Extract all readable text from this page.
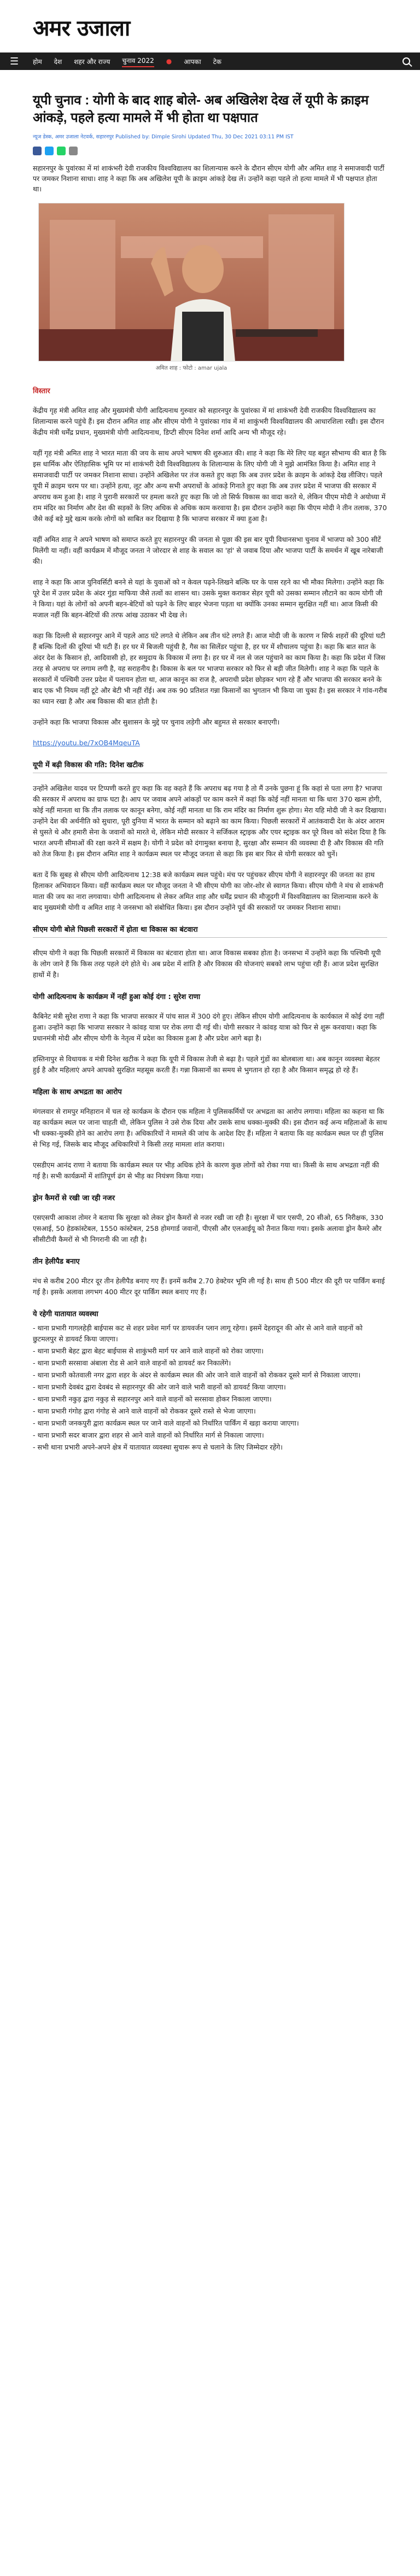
अमर उजाला
☰	होम देश शहर और राज्य चुनाव 2022 ● आपका टेक
यूपी चुनाव : योगी के बाद शाह बोले- अब अखिलेश देख लें यूपी के क्राइम आंकड़े, पहले हत्या मामले में भी होता था पक्षपात
न्यूज डेस्क, अमर उजाला नेटवर्क, सहारनपुर Published by: Dimple Sirohi Updated Thu, 30 Dec 2021 03:11 PM IST

सहारनपुर के पुवांरका में मां शाकंभरी देवी राजकीय विश्वविद्यालय का शिलान्यास करने के दौरान सीएम योगी और अमित शाह ने समाजवादी पार्टी पर जमकर निशाना साधा। शाह ने कहा कि अब अखिलेश यूपी के क्राइम आंकड़े देख लें। उन्होंने कहा पहले तो हत्या मामले में भी पक्षपात होता था।

अमित शाह : फोटो : amar ujala
विस्तार

केंद्रीय गृह मंत्री अमित शाह और मुख्यमंत्री योगी आदित्यनाथ गुरुवार को सहारनपुर के पुवांरका में मां शाकंभरी देवी राजकीय विश्वविद्यालय का शिलान्यास करने पहुंचे हैं। इस दौरान अमित शाह और सीएम योगी ने पुवांरका गांव में मां शाकुंभरी विश्वविद्यालय की आधारशिला रखी। इस दौरान केंद्रीय मंत्री धर्मेंद्र प्रधान, मुख्यमंत्री योगी आदित्यनाथ, डिप्टी सीएम दिनेश शर्मा आदि अन्य भी मौजूद रहे।

यहीं गृह मंत्री अमित शाह ने भारत माता की जय के साथ अपने भाषण की शुरुआत की। शाह ने कहा कि मेरे लिए यह बहुत सौभाग्य की बात है कि इस धार्मिक और ऐतिहासिक भूमि पर मां शाकंभरी देवी विश्वविद्यालय के शिलान्यास के लिए योगी जी ने मुझे आमंत्रित किया है। अमित शाह ने समाजवादी पार्टी पर जमकर निशाना साधा। उन्होंने अखिलेश पर तंज कसते हुए कहा कि अब उत्तर प्रदेश के क्राइम के आंकड़े देख लीजिए। पहले यूपी में क्राइम चरम पर था। उन्होंने हत्या, लूट और अन्य सभी अपराधों के आंकड़े गिनाते हुए कहा कि अब उत्तर प्रदेश में भाजपा की सरकार में अपराध कम हुआ है। शाह ने पुरानी सरकारों पर हमला करते हुए कहा कि जो तो सिर्फ विकास का वादा करते थे, लेकिन पीएम मोदी ने अयोध्या में राम मंदिर का निर्माण और देश की सड़कों के लिए अधिक से अधिक काम करवाया है। इस दौरान उन्होंने कहा कि पीएम मोदी ने तीन तलाक, 370 जैसे कई बड़े मुद्दे खत्म करके लोगों को साबित कर दिखाया है कि भाजपा सरकार में क्या हुआ है।

वहीं अमित शाह ने अपने भाषण को समाप्त करते हुए सहारनपुर की जनता से पूछा की इस बार यूपी विधानसभा चुनाव में भाजपा को 300 सीटें मिलेंगी या नहीं। वहीं कार्यक्रम में मौजूद जनता ने जोरदार से शाह के सवाल का 'हां' से जवाब दिया और भाजपा पार्टी के समर्थन में खूब नारेबाजी की।

शाह ने कहा कि आज युनिवर्सिटी बनने से यहां के युवाओं को न केवल पढ़ने-लिखने बल्कि घर के पास रहने का भी मौका मिलेगा। उन्होंने कहा कि पूरे देश में उत्तर प्रदेश के अंदर गुंडा माफिया जैसे तत्वों का शासन था। उसके मुक्त कराकर सेहर यूपी को उसका सम्मान लौटाने का काम योगी जी ने किया। यहां के लोगों को अपनी बहन-बेटियों को पढ़ने के लिए बाहर भेजना पड़ता था क्योंकि उनका सम्मान सुरक्षित नहीं था। आज किसी की मजाल नहीं कि बहन-बेटियों की तरफ आंख उठाकर भी देख ले।

कहा कि दिल्ली से सहारनपुर आने में पहले आठ घंटे लगते थे लेकिन अब तीन घंटे लगते हैं। आज मोदी जी के कारण न सिर्फ शहरों की दूरियां घटी हैं बल्कि दिलों की दूरियां भी घटी हैं। हर घर में बिजली पहुंची है, गैस का सिलेंडर पहुंचा है, हर घर में शौचालय पहुंचा है। कहा कि बात सात के अंदर देश के किसान हो, आदिवासी हो, हर समुदाय के विकास में लगा है। हर घर में नल से जल पहुंचाने का काम किया है। कहा कि प्रदेश में जिस तरह से अपराध पर लगाम लगी है, वह सराहनीय है। विकास के बल पर भाजपा सरकार को फिर से बड़ी जीत मिलेगी। शाह ने कहा कि पहले के सरकारों में पश्चिमी उत्तर प्रदेश में पलायन होता था, आज कानून का राज है, अपराधी प्रदेश छोड़कर भाग रहे हैं और भाजपा की सरकार बनने के बाद एक भी नियम नहीं टूटे और बेटी भी नहीं रोंई। अब तक 90 प्रतिशत गन्ना किसानों का भुगतान भी किया जा चुका है। इस सरकार ने गांव-गरीब का ध्यान रखा है और अब विकास की बात होती है।

उन्होंने कहा कि भाजपा विकास और सुशासन के मुद्दे पर चुनाव लड़ेगी और बहुमत से सरकार बनाएगी।

https://youtu.be/7xOB4MqeuTA

यूपी में बढ़ी विकास की गति: दिनेश खटीक

उन्होंने अखिलेश यादव पर टिप्पणी करते हुए कहा कि वह कहते हैं कि अपराध बढ़ गया है तो मैं उनके पुछना हूं कि कहां से पता लगा है? भाजपा की सरकार में अपराध का ग्राफ घटा है। आप पर जवाब अपने आंकड़ों पर काम करने में कहां कि कोई नहीं मानता था कि धारा 370 खत्म होगी, कोई नहीं मानता था कि तीन तलाक पर कानून बनेगा, कोई नहीं मानता था कि राम मंदिर का निर्माण शुरू होगा। मेरा यहि मोदी जी ने कर दिखाया। उन्होंने देश की अर्थनीति को सुधारा, पूरी दुनिया में भारत के सम्मान को बढ़ाने का काम किया। पिछली सरकारों में आतंकवादी देश के अंदर आराम से घुसते थे और हमारी सेना के जवानों को मारते थे, लेकिन मोदी सरकार ने सर्जिकल स्ट्राइक और एयर स्ट्राइक कर पूरे विश्व को संदेश दिया है कि भारत अपनी सीमाओं की रक्षा करने में सक्षम है। योगी ने प्रदेश को दंगामुक्त बनाया है, सुरक्षा और सम्मान की व्यवस्था दी है और विकास की गति को तेज किया है। इस दौरान अमित शाह ने कार्यक्रम स्थल पर मौजूद जनता से कहा कि इस बार फिर से योगी सरकार को चुनें।

बता दें कि सुबह से सीएम योगी आदित्यनाथ 12:38 बजे कार्यक्रम स्थल पहुंचे। मंच पर पहुंचकर सीएम योगी ने सहारनपुर की जनता का हाथ हिलाकर अभिवादन किया। वहीं कार्यक्रम स्थल पर मौजूद जनता ने भी सीएम योगी का जोर-शोर से स्वागत किया। सीएम योगी ने मंच से शाकंभरी माता की जय का नारा लगवाया। योगी आदित्यनाथ से लेकर अमित शाह और धर्मेंद्र प्रधान की मौजूदगी में विश्वविद्यालय का शिलान्यास करने के बाद मुख्यमंत्री योगी व अमित शाह ने जनसभा को संबोधित किया। इस दौरान उन्होंने पूर्व की सरकारों पर जमकर निशाना साधा।

सीएम योगी बोले पिछली सरकारों में होता था विकास का बंटवारा

सीएम योगी ने कहा कि पिछली सरकारों में विकास का बंटवारा होता था। आज विकास सबका होता है। जनसभा में उन्होंने कहा कि पश्चिमी यूपी के लोग जाने हैं कि किस तरह पहले दंगे होते थे। अब प्रदेश में शांति है और विकास की योजनाएं सबको लाभ पहुंचा रही हैं। आज प्रदेश सुरक्षित हाथों में है।

योगी आदित्यनाथ के कार्यक्रम में नहीं हुआ कोई दंगा : सुरेश राणा

कैबिनेट मंत्री सुरेश राणा ने कहा कि भाजपा सरकार में पांच साल में 300 दंगे हुए। लेकिन सीएम योगी आदित्यनाथ के कार्यकाल में कोई दंगा नहीं हुआ। उन्होंने कहा कि भाजपा सरकार ने कांवड़ यात्रा पर रोक लगा दी गई थी। योगी सरकार ने कांवड़ यात्रा को फिर से शुरू करवाया। कहा कि प्रधानमंत्री मोदी और सीएम योगी के नेतृत्व में प्रदेश का विकास हुआ है और प्रदेश आगे बढ़ा है।

हस्तिनापुर से विधायक व मंत्री दिनेश खटीक ने कहा कि यूपी में विकास तेजी से बढ़ा है। पहले गुंडों का बोलबाला था। अब कानून व्यवस्था बेहतर हुई है और महिलाएं अपने आपको सुरक्षित महसूस करती हैं। गन्ना किसानों का समय से भुगतान हो रहा है और किसान समृद्ध हो रहे हैं।

महिला के साथ अभद्रता का आरोप

मंगलवार से रामपुर मनिहारान में चल रहे कार्यक्रम के दौरान एक महिला ने पुलिसकर्मियों पर अभद्रता का आरोप लगाया। महिला का कहना था कि वह कार्यक्रम स्थल पर जाना चाहती थी, लेकिन पुलिस ने उसे रोक दिया और उसके साथ धक्का-मुक्की की। इस दौरान कई अन्य महिलाओं के साथ भी धक्का-मुक्की होने का आरोप लगा है। अधिकारियों ने मामले की जांच के आदेश दिए हैं। महिला ने बताया कि वह कार्यक्रम स्थल पर ही पुलिस से भिड़ गई, जिसके बाद मौजूद अधिकारियों ने किसी तरह मामला शांत कराया।

एसडीएम आनंद राणा ने बताया कि कार्यक्रम स्थल पर भीड़ अधिक होने के कारण कुछ लोगों को रोका गया था। किसी के साथ अभद्रता नहीं की गई है। सभी कार्यक्रमों में शांतिपूर्ण ढंग से भीड़ का नियंत्रण किया गया।

ड्रोन कैमरों से रखी जा रही नजर

एसएसपी आकाश तोमर ने बताया कि सुरक्षा को लेकर ड्रोन कैमरों से नजर रखी जा रही है। सुरक्षा में चार एसपी, 20 सीओ, 65 निरीक्षक, 330 एसआई, 50 हेडकांस्टेबल, 1550 कांस्टेबल, 258 होमगार्ड जवानों, पीएसी और एलआईयू को तैनात किया गया। इसके अलावा ड्रोन कैमरे और सीसीटीवी कैमरों से भी निगरानी की जा रही है।

तीन हेलीपैड बनाए

मंच से करीब 200 मीटर दूर तीन हेलीपैड बनाए गए हैं। इनमें करीब 2.70 हेक्टेयर भूमि ली गई है। साथ ही 500 मीटर की दूरी पर पार्किंग बनाई गई है। इसके अलावा लगभग 400 मीटर दूर पार्किंग स्थल बनाए गए हैं।

ये रहेगी यातायात व्यवस्था

- थाना प्रभारी गागलहेड़ी बाईपास कट से शहर प्रवेश मार्ग पर डायवर्जन प्लान लागू रहेगा। इसमें देहरादून की ओर से आने वाले वाहनों को छुटमलपुर से डायवर्ट किया जाएगा।

- थाना प्रभारी बेहट द्वारा बेहट बाईपास से शाकुंभरी मार्ग पर आने वाले वाहनों को रोका जाएगा।

- थाना प्रभारी सरसावा अंबाला रोड से आने वाले वाहनों को डायवर्ट कर निकालेंगे।

- थाना प्रभारी कोतवाली नगर द्वारा शहर के अंदर से कार्यक्रम स्थल की ओर जाने वाले वाहनों को रोककर दूसरे मार्ग से निकाला जाएगा।

- थाना प्रभारी देवबंद द्वारा देवबंद से सहारनपुर की ओर जाने वाले भारी वाहनों को डायवर्ट किया जाएगा।

- थाना प्रभारी नकुड़ द्वारा नकुड़ से सहारनपुर आने वाले वाहनों को सरसावा होकर निकाला जाएगा।

- थाना प्रभारी गंगोह द्वारा गंगोह से आने वाले वाहनों को रोककर दूसरे रास्ते से भेजा जाएगा।

- थाना प्रभारी जनकपुरी द्वारा कार्यक्रम स्थल पर जाने वाले वाहनों को निर्धारित पार्किंग में खड़ा कराया जाएगा।

- थाना प्रभारी सदर बाजार द्वारा शहर से आने वाले वाहनों को निर्धारित मार्ग से निकाला जाएगा।

- सभी थाना प्रभारी अपने-अपने क्षेत्र में यातायात व्यवस्था सुचारू रूप से चलाने के लिए जिम्मेदार रहेंगे।
